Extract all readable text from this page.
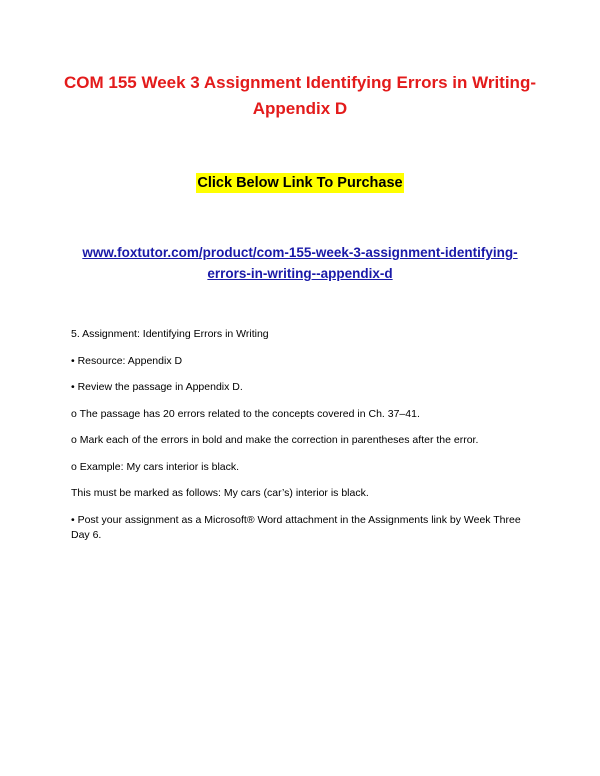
COM 155 Week 3 Assignment Identifying Errors in Writing- Appendix D
Click Below Link To Purchase
www.foxtutor.com/product/com-155-week-3-assignment-identifying-errors-in-writing--appendix-d

5. Assignment: Identifying Errors in Writing

• Resource: Appendix D

• Review the passage in Appendix D.

o The passage has 20 errors related to the concepts covered in Ch. 37–41.

o Mark each of the errors in bold and make the correction in parentheses after the error.

o Example: My cars interior is black.

This must be marked as follows: My cars (car’s) interior is black.

• Post your assignment as a Microsoft® Word attachment in the Assignments link by Week Three Day 6.
